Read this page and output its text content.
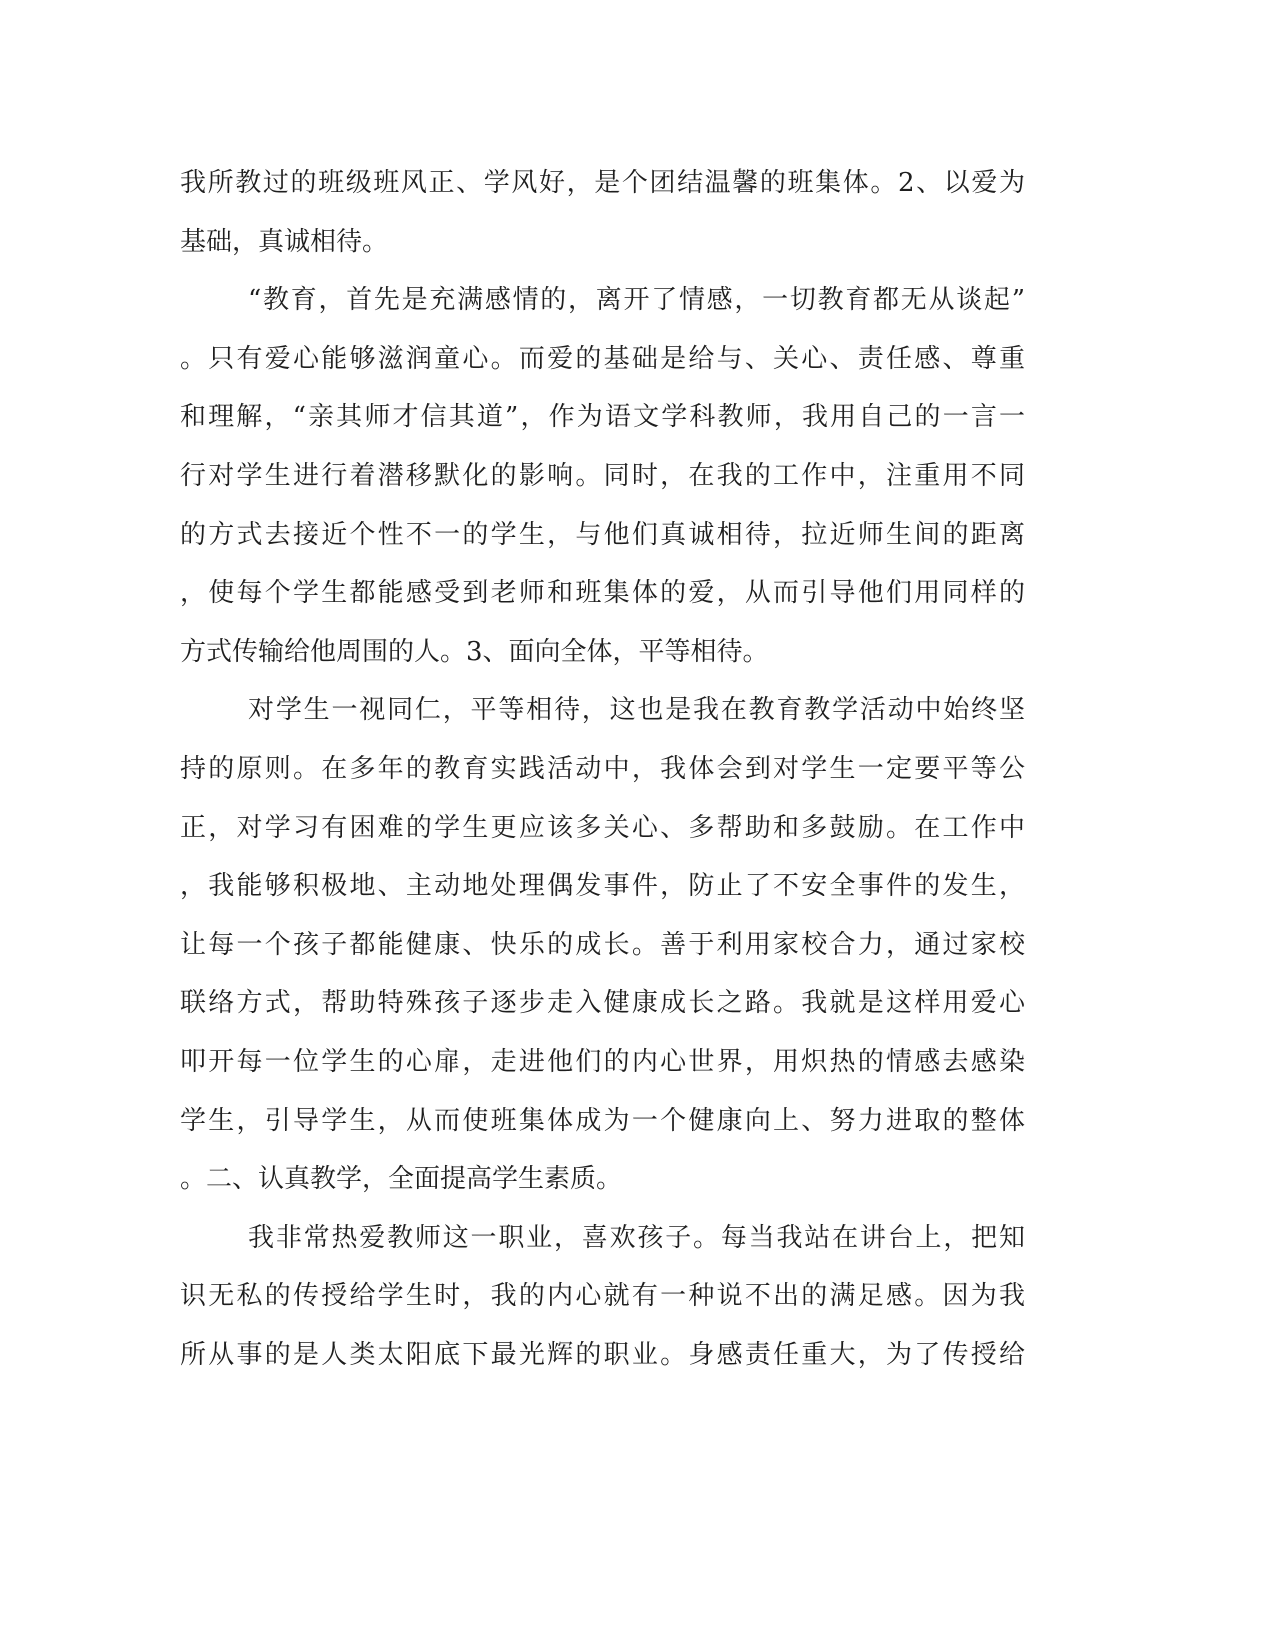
我所教过的班级班风正、学风好，是个团结温馨的班集体。2、以爱为
基础，真诚相待。
“教育，首先是充满感情的，离开了情感，一切教育都无从谈起”
。只有爱心能够滋润童心。而爱的基础是给与、关心、责任感、尊重
和理解，“亲其师才信其道”，作为语文学科教师，我用自己的一言一
行对学生进行着潜移默化的影响。同时，在我的工作中，注重用不同
的方式去接近个性不一的学生，与他们真诚相待，拉近师生间的距离
，使每个学生都能感受到老师和班集体的爱，从而引导他们用同样的
方式传输给他周围的人。3、面向全体，平等相待。
对学生一视同仁，平等相待，这也是我在教育教学活动中始终坚
持的原则。在多年的教育实践活动中，我体会到对学生一定要平等公
正，对学习有困难的学生更应该多关心、多帮助和多鼓励。在工作中
，我能够积极地、主动地处理偶发事件，防止了不安全事件的发生，
让每一个孩子都能健康、快乐的成长。善于利用家校合力，通过家校
联络方式，帮助特殊孩子逐步走入健康成长之路。我就是这样用爱心
叩开每一位学生的心扉，走进他们的内心世界，用炽热的情感去感染
学生，引导学生，从而使班集体成为一个健康向上、努力进取的整体
。二、认真教学，全面提高学生素质。
我非常热爱教师这一职业，喜欢孩子。每当我站在讲台上，把知
识无私的传授给学生时，我的内心就有一种说不出的满足感。因为我
所从事的是人类太阳底下最光辉的职业。身感责任重大，为了传授给
